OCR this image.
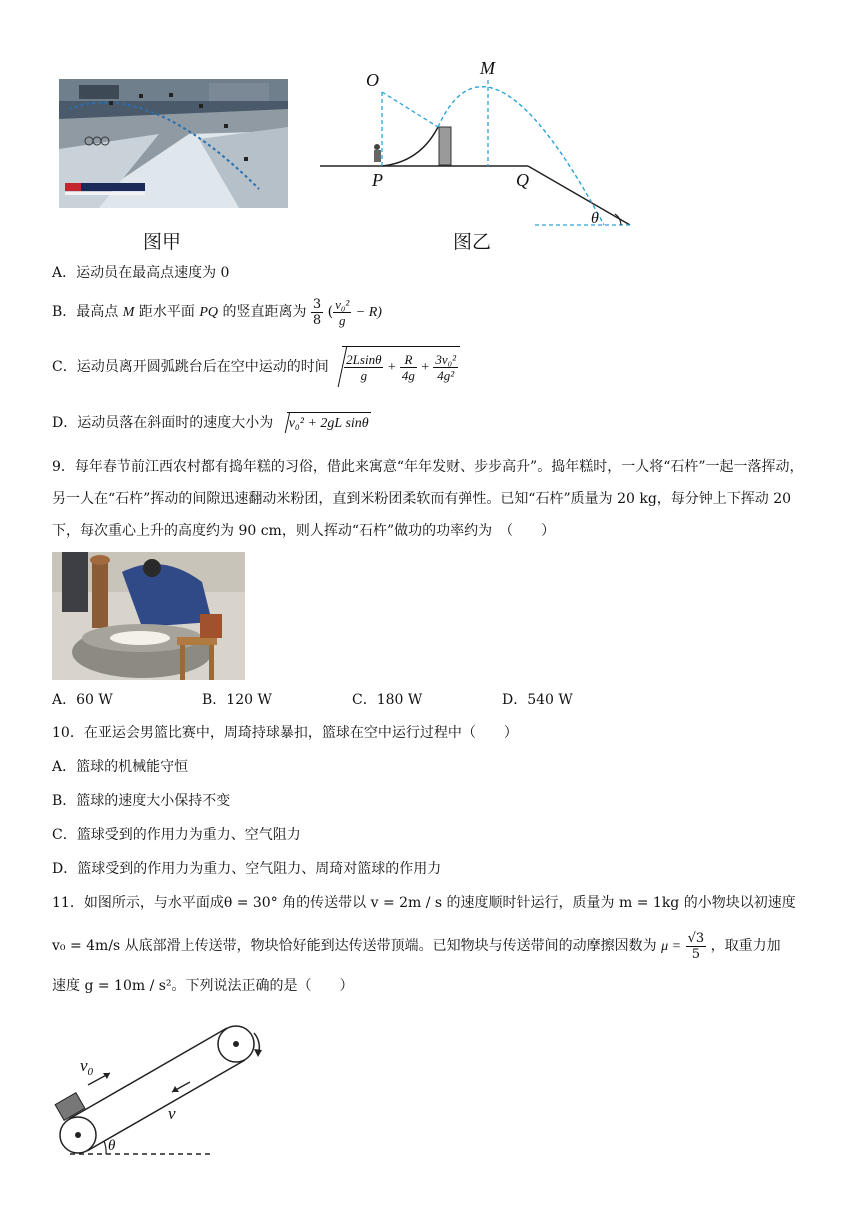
图甲
O
M
P	Q
θ
图乙
A．运动员在最高点速度为 0
B．最高点 M 距水平面 PQ 的竖直距离为 $\frac{3}{8}$ ( $\frac{\text{v₀²}}{g} - R$)
C．运动员离开圆弧跳台后在空中运动的时间 $\frac{2Lsin\theta}{g} + \frac{R}{4g} + \frac{\text{3v₀²}}{\text{4g²}}$
D．运动员落在斜面时的速度大小为 v₀² + 2gL sinθ
9．每年春节前江西农村都有捣年糕的习俗，借此来寓意“年年发财、步步高升”。捣年糕时，一人将“石杵”一起一落挥动，另一人在“石杵”挥动的间隙迅速翻动米粉团，直到米粉团柔软而有弹性。已知“石杵”质量为 20 kg，每分钟上下挥动 20 下，每次重心上升的高度约为 90 cm，则人挥动“石杵”做功的功率约为　（　　）
A．60 W	B．120 W	C．180 W	D．540 W
10．在亚运会男篮比赛中，周琦持球暴扣，篮球在空中运行过程中（　　）
A．篮球的机械能守恒
B．篮球的速度大小保持不变
C．篮球受到的作用力为重力、空气阻力
D．篮球受到的作用力为重力、空气阻力、周琦对篮球的作用力
11．如图所示，与水平面成θ = 30° 角的传送带以 v = 2m / s 的速度顺时针运行，质量为 m = 1kg 的小物块以初速度
v₀ = 4m/s 从底部滑上传送带，物块恰好能到达传送带顶端。已知物块与传送带间的动摩擦因数为 $\mu = \frac{√3}{5}$ ，取重力加
速度 g = 10m / s²。下列说法正确的是（　　）
$v_0$
v
θ
